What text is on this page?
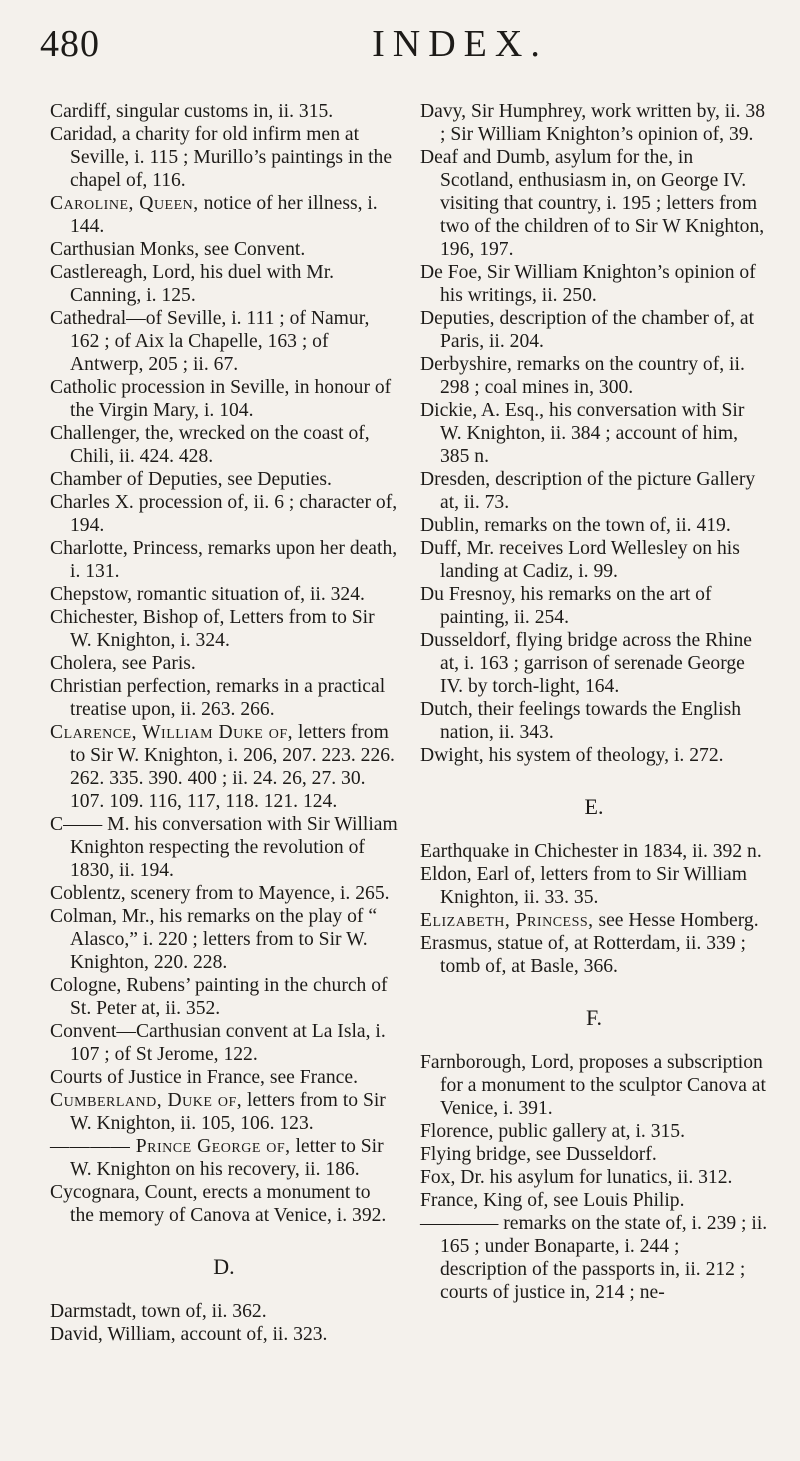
480	INDEX.

Cardiff, singular customs in, ii. 315.

Caridad, a charity for old infirm men at Seville, i. 115 ; Murillo’s paintings in the chapel of, 116.

Caroline, Queen, notice of her illness, i. 144.

Carthusian Monks, see Convent.

Castlereagh, Lord, his duel with Mr. Canning, i. 125.

Cathedral—of Seville, i. 111 ; of Namur, 162 ; of Aix la Chapelle, 163 ; of Antwerp, 205 ; ii. 67.

Catholic procession in Seville, in honour of the Virgin Mary, i. 104.

Challenger, the, wrecked on the coast of, Chili, ii. 424. 428.

Chamber of Deputies, see Deputies.

Charles X. procession of, ii. 6 ; character of, 194.

Charlotte, Princess, remarks upon her death, i. 131.

Chepstow, romantic situation of, ii. 324.

Chichester, Bishop of, Letters from to Sir W. Knighton, i. 324.

Cholera, see Paris.

Christian perfection, remarks in a practical treatise upon, ii. 263. 266.

Clarence, William Duke of, letters from to Sir W. Knighton, i. 206, 207. 223. 226. 262. 335. 390. 400 ; ii. 24. 26, 27. 30. 107. 109. 116, 117, 118. 121. 124.

C—— M. his conversation with Sir William Knighton respecting the revolution of 1830, ii. 194.

Coblentz, scenery from to Mayence, i. 265.

Colman, Mr., his remarks on the play of “ Alasco,” i. 220 ; letters from to Sir W. Knighton, 220. 228.

Cologne, Rubens’ painting in the church of St. Peter at, ii. 352.

Convent—Carthusian convent at La Isla, i. 107 ; of St Jerome, 122.

Courts of Justice in France, see France.

Cumberland, Duke of, letters from to Sir W. Knighton, ii. 105, 106. 123.

———— Prince George of, letter to Sir W. Knighton on his recovery, ii. 186.

Cycognara, Count, erects a monument to the memory of Canova at Venice, i. 392.

D.

Darmstadt, town of, ii. 362.

David, William, account of, ii. 323.

Davy, Sir Humphrey, work written by, ii. 38 ; Sir William Knighton’s opinion of, 39.

Deaf and Dumb, asylum for the, in Scotland, enthusiasm in, on George IV. visiting that country, i. 195 ; letters from two of the children of to Sir W Knighton, 196, 197.

De Foe, Sir William Knighton’s opinion of his writings, ii. 250.

Deputies, description of the chamber of, at Paris, ii. 204.

Derbyshire, remarks on the country of, ii. 298 ; coal mines in, 300.

Dickie, A. Esq., his conversation with Sir W. Knighton, ii. 384 ; account of him, 385 n.

Dresden, description of the picture Gallery at, ii. 73.

Dublin, remarks on the town of, ii. 419.

Duff, Mr. receives Lord Wellesley on his landing at Cadiz, i. 99.

Du Fresnoy, his remarks on the art of painting, ii. 254.

Dusseldorf, flying bridge across the Rhine at, i. 163 ; garrison of serenade George IV. by torch-light, 164.

Dutch, their feelings towards the English nation, ii. 343.

Dwight, his system of theology, i. 272.

E.

Earthquake in Chichester in 1834, ii. 392 n.

Eldon, Earl of, letters from to Sir William Knighton, ii. 33. 35.

Elizabeth, Princess, see Hesse Homberg.

Erasmus, statue of, at Rotterdam, ii. 339 ; tomb of, at Basle, 366.

F.

Farnborough, Lord, proposes a subscription for a monument to the sculptor Canova at Venice, i. 391.

Florence, public gallery at, i. 315.

Flying bridge, see Dusseldorf.

Fox, Dr. his asylum for lunatics, ii. 312.

France, King of, see Louis Philip.

———— remarks on the state of, i. 239 ; ii. 165 ; under Bonaparte, i. 244 ; description of the passports in, ii. 212 ; courts of justice in, 214 ; ne-
